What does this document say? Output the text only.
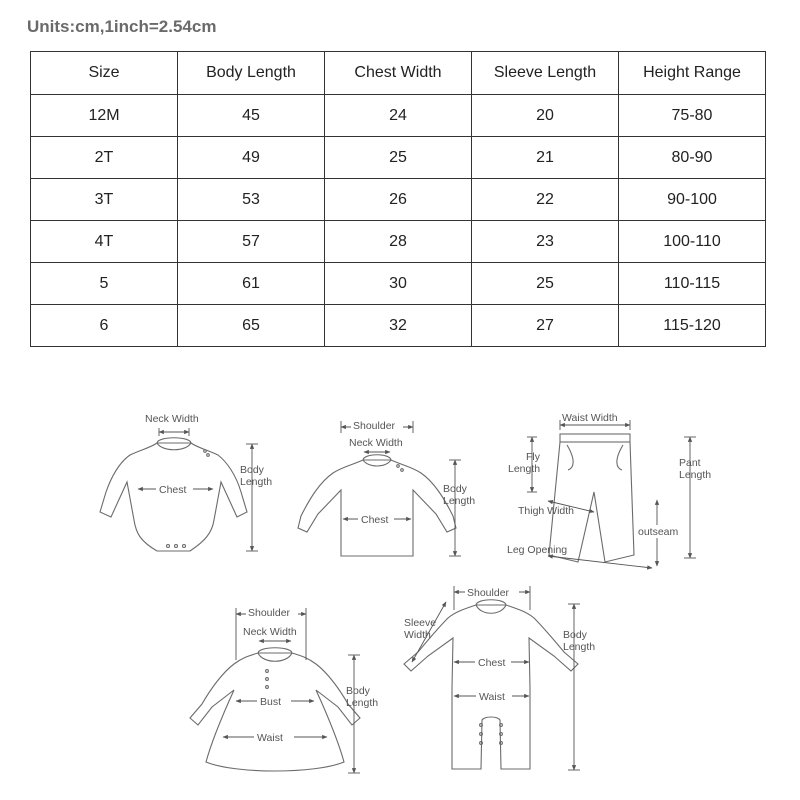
Units:cm,1inch=2.54cm
Size	Body Length	Chest Width	Sleeve Length	Height Range
12M	45	24	20	75-80
2T	49	25	21	80-90
3T	53	26	22	90-100
4T	57	28	23	100-110
5	61	30	25	110-115
6	65	32	27	115-120
Neck Width
Chest
Body
Length
Shoulder
Neck Width
Chest
Body
Length
Waist Width
Fly
Length	Pant
Length
Thigh Width
outseam
Leg Opening
Shoulder
Neck Width
Bust
Waist
Body
Length
Shoulder
Sleeve
Width
Chest
Waist
Body
Length
